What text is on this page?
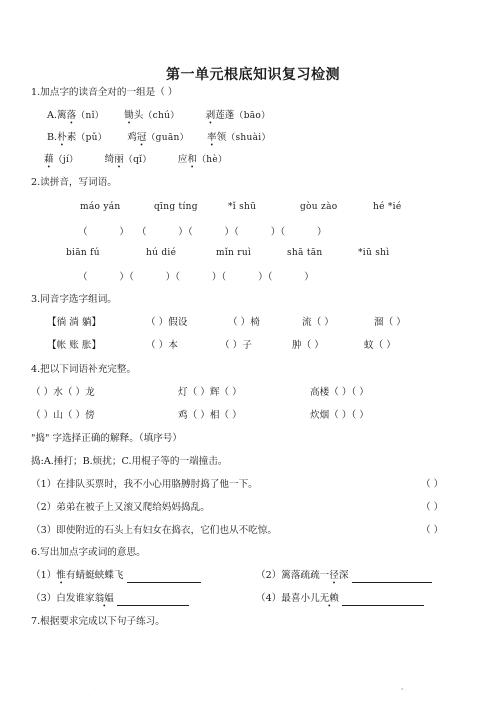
·
第一单元根底知识复习检测
1.加点字的读音全对的一组是（ ）
A.篱落（nǐ） 锄头（chú）	剥莲蓬（bāo）
B.朴素（pǔ） 鸡冠（ɡuān） 率领（shuài）
藉（jí）	绮丽（qǐ）	应和（hè）
2.读拼音，写词语。
máo yán	qīng tíng	*ǐ shū	gòu zào	hé *ié
（　　　 ）　 （　　　 ）（　　　 ）（　　　 ）（　　　 ）
biān fú	hú dié	mǐn ruì	shā tān	*iū shì
（　　　 ）（　　　 ）（　　　 ）（　　　 ）（　　　 ）
3.同音字选字组词。
【徜 淌 躺】	（ ）假设	（ ）椅	流（ ）	溜（ ）
【帐 账 胀】	（ ）本	（ ）子	肿（ ）	蚊（ ）
4.把以下词语补充完整。
（ ）水（ ）龙	灯（ ）辉（ ）	高楼（ ）（ ）
（ ）山（ ）傍	鸡（ ）相（ ）	炊烟（ ）（ ）
"捣" 字选择正确的解释。（填序号）
捣:A.捶打；B.烦扰；C.用棍子等的一端撞击。
（1）在排队买票时，我不小心用胳膊肘捣了他一下。	（ ）
（2）弟弟在被子上又滚又爬给妈妈捣乱。	（ ）
（3）即使附近的石头上有妇女在捣衣，它们也从不吃惊。	（ ）
6.写出加点字或词的意思。
（1）惟有蜻蜓蛱蝶飞	（2）篱落疏疏一径深
（3）白发谁家翁媪	（4）最喜小儿无赖
7.根据要求完成以下句子练习。
.	z.
